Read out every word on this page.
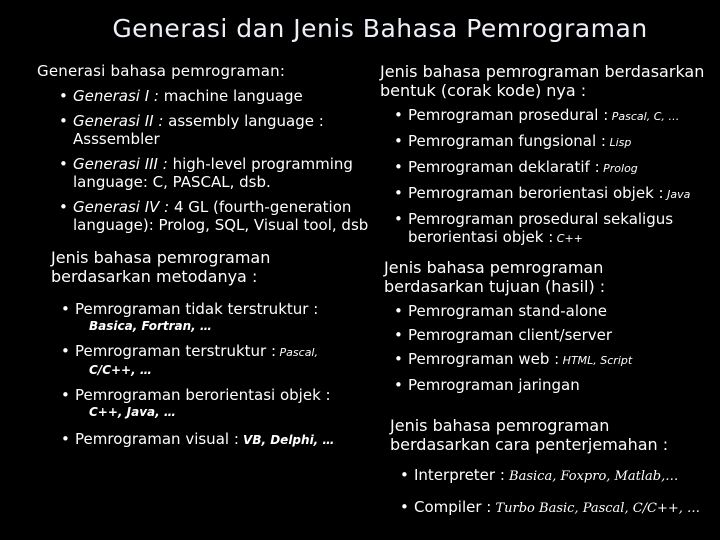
Generasi dan Jenis Bahasa Pemrograman

Generasi bahasa pemrograman:

• Generasi I : machine language
• Generasi II : assembly language : Asssembler
• Generasi III : high-level programming language: C, PASCAL, dsb.
• Generasi IV : 4 GL (fourth-generation language): Prolog, SQL, Visual tool, dsb

Jenis bahasa pemrograman berdasarkan metodanya :

• Pemrograman tidak terstruktur :
Basica, Fortran, …
• Pemrograman terstruktur : Pascal,
C/C++, …
• Pemrograman berorientasi objek :
C++, Java, …
• Pemrograman visual : VB, Delphi, …

Jenis bahasa pemrograman berdasarkan bentuk (corak kode) nya :

• Pemrograman prosedural : Pascal, C, …
• Pemrograman fungsional : Lisp
• Pemrograman deklaratif : Prolog
• Pemrograman berorientasi objek : Java
• Pemrograman prosedural sekaligus berorientasi objek : C++

Jenis bahasa pemrograman berdasarkan tujuan (hasil) :

• Pemrograman stand-alone
• Pemrograman client/server
• Pemrograman web : HTML, Script
• Pemrograman jaringan

Jenis bahasa pemrograman berdasarkan cara penterjemahan :

• Interpreter : Basica, Foxpro, Matlab,…
• Compiler : Turbo Basic, Pascal, C/C++, …
